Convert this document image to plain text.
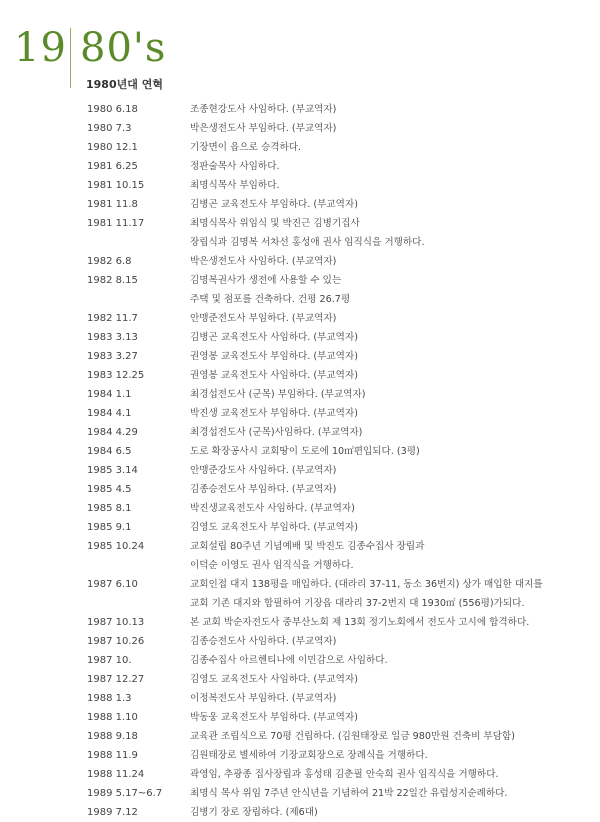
19 80's
1980년대 연혁
1980 6.18	조종현강도사 사임하다. (부교역자)
1980 7.3	박은생전도사 부임하다. (부교역자)
1980 12.1	기장면이 읍으로 승격하다.
1981 6.25	정판술목사 사임하다.
1981 10.15	최명식목사 부임하다.
1981 11.8	김병곤 교육전도사 부임하다. (부교역자)
1981 11.17	최명식목사 위임식 및 박진근 김병기집사
장립식과 김명복 서차선 홍성애 권사 임직식을 거행하다.
1982 6.8	박은생전도사 사임하다. (부교역자)
1982 8.15	김명복권사가 생전에 사용할 수 있는
주택 및 점포를 건축하다. 건평 26.7평
1982 11.7	안맹준전도사 부임하다. (부교역자)
1983 3.13	김병곤 교육전도사 사임하다. (부교역자)
1983 3.27	권영봉 교육전도사 부임하다. (부교역자)
1983 12.25	권영봉 교육전도사 사임하다. (부교역자)
1984 1.1	최경섭전도사 (군목) 부임하다. (부교역자)
1984 4.1	박진생 교육전도사 부임하다. (부교역자)
1984 4.29	최경섭전도사 (군목)사임하다. (부교역자)
1984 6.5	도로 확장공사시 교회땅이 도로에 10㎡편입되다. (3평)
1985 3.14	안맹준강도사 사임하다. (부교역자)
1985 4.5	김종승전도사 부임하다. (부교역자)
1985 8.1	박진생교육전도사 사임하다. (부교역자)
1985 9.1	김영도 교육전도사 부임하다. (부교역자)
1985 10.24	교회설립 80주년 기념예배 및 박진도 김종수집사 장립과
이덕순 이영도 권사 임직식을 거행하다.
1987 6.10	교회인접 대지 138평을 매입하다. (대라리 37-11, 동소 36번지) 상가 매입한 대지를
교회 기존 대지와 합필하여 기장읍 대라리 37-2번지 대 1930㎡ (556평)가되다.
1987 10.13	본 교회 박순자전도사 중부산노회 제 13회 정기노회에서 전도사 고시에 합격하다.
1987 10.26	김종승전도사 사임하다. (부교역자)
1987 10.	김종수집사 아르헨티나에 이민감으로 사임하다.
1987 12.27	김영도 교육전도사 사임하다. (부교역자)
1988 1.3	이정복전도사 부임하다. (부교역자)
1988 1.10	박동웅 교육전도사 부임하다. (부교역자)
1988 9.18	교육관 조립식으로 70평 건립하다. (김원태장로 일금 980만원 건축비 부담함)
1988 11.9	김원태장로 별세하여 기장교회장으로 장례식을 거행하다.
1988 11.24	곽영임, 추광종 집사장립과 홍성태 김춘필 안숙희 권사 임직식을 거행하다.
1989 5.17~6.7	최명식 목사 위임 7주년 안식년을 기념하여 21박 22일간 유럽성지순례하다.
1989 7.12	김병기 장로 장립하다. (제6대)
